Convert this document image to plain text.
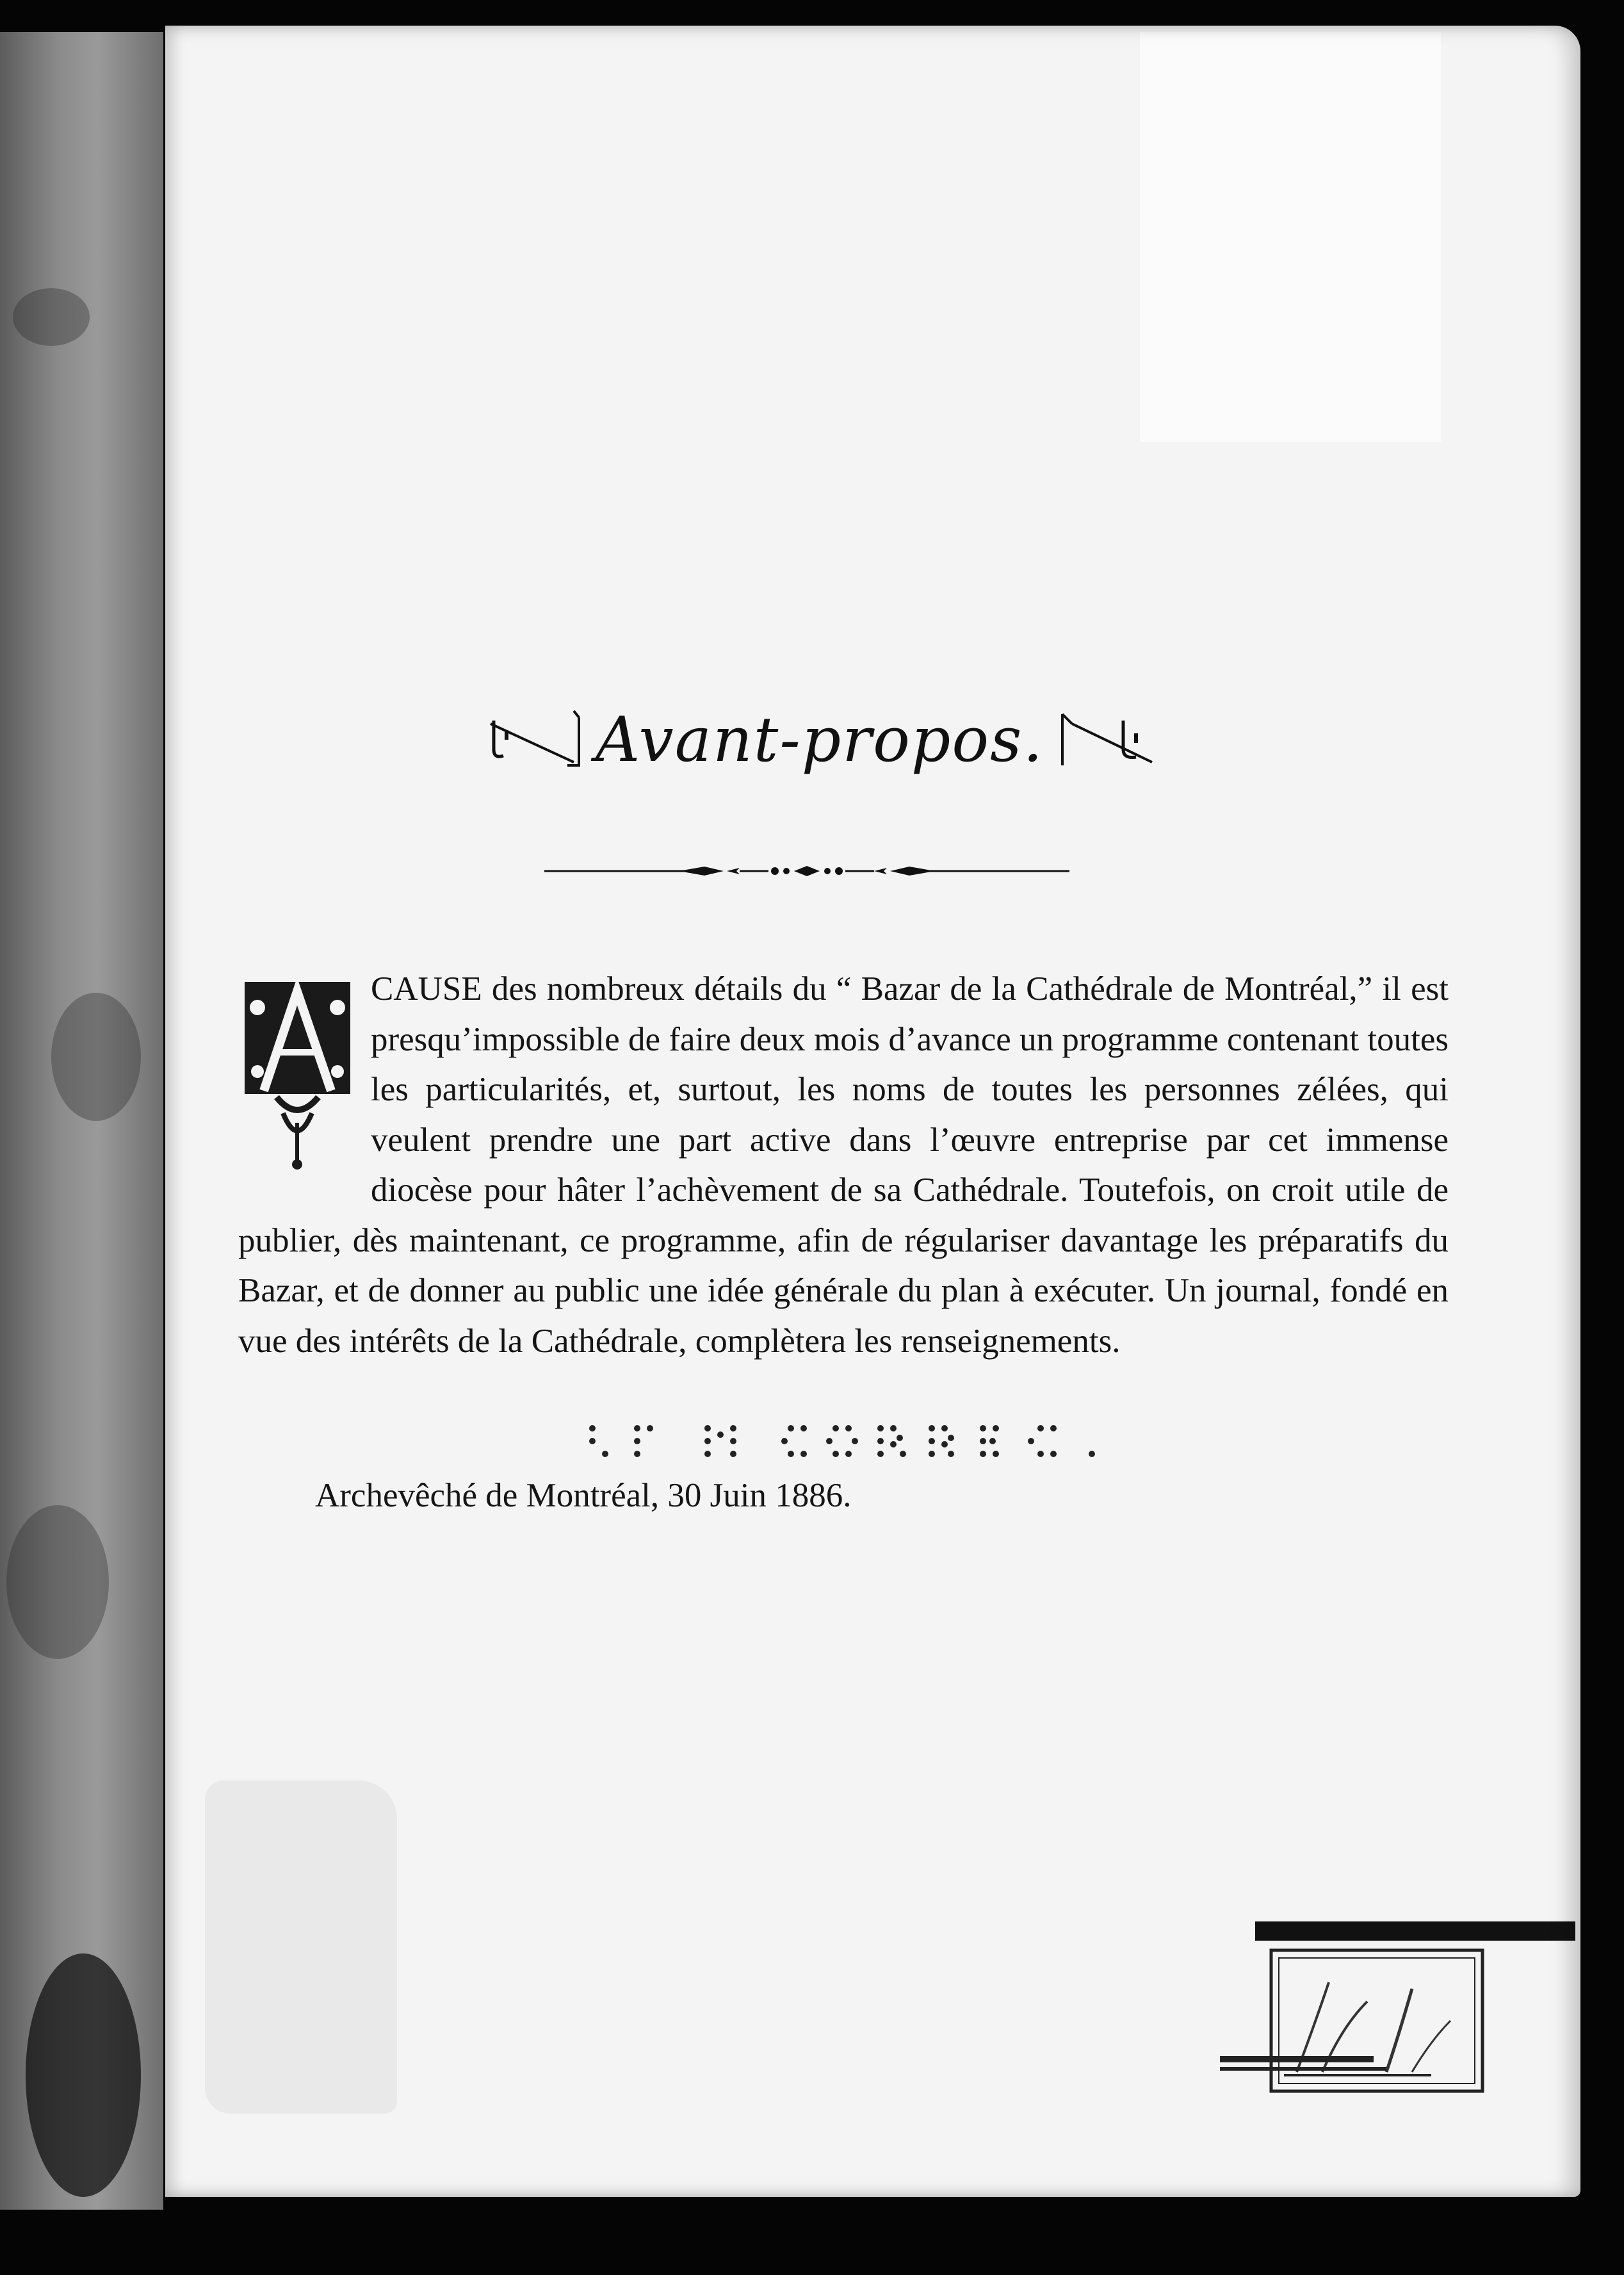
Avant-propos.
CAUSE des nombreux détails du “ Bazar de la Cathédrale de Montréal,” il est presqu’impossible de faire deux mois d’avance un programme contenant toutes les particularités, et, surtout, les noms de toutes les personnes zélées, qui veulent prendre une part active dans l’œuvre entreprise par cet immense diocèse pour hâter l’achèvement de sa Cathédrale. Toutefois, on croit utile de publier, dès maintenant, ce programme, afin de régulariser davantage les préparatifs du Bazar, et de donner au public une idée générale du plan à exécuter. Un journal, fondé en vue des intérêts de la Cathédrale, complètera les renseignements.
Archevêché de Montréal, 30 Juin 1886.
